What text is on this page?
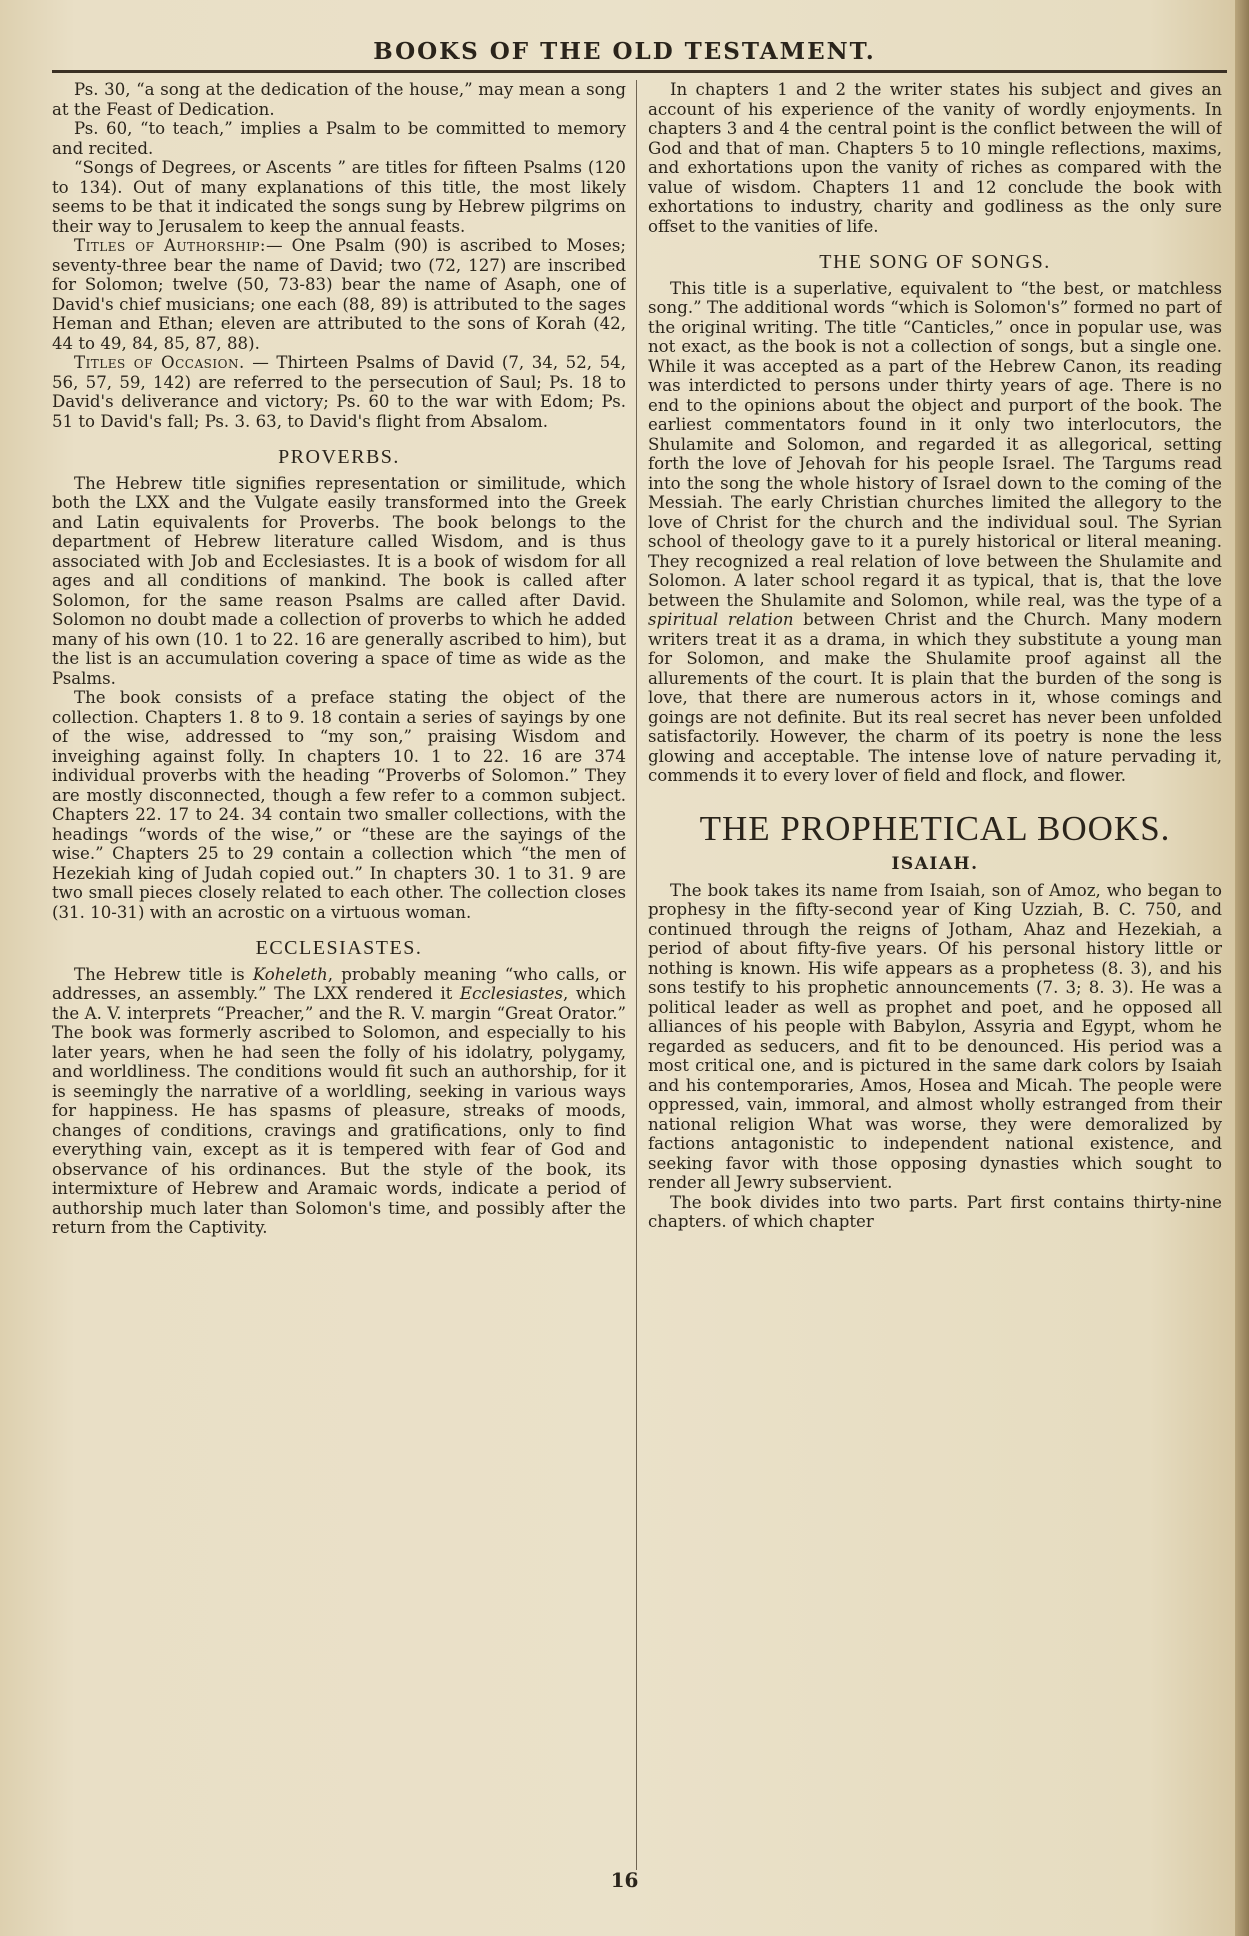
BOOKS OF THE OLD TESTAMENT.

Ps. 30, “a song at the dedication of the house,” may mean a song at the Feast of Dedication.

Ps. 60, “to teach,” implies a Psalm to be committed to memory and recited.

“Songs of Degrees, or Ascents ” are titles for fifteen Psalms (120 to 134). Out of many explanations of this title, the most likely seems to be that it indicated the songs sung by Hebrew pilgrims on their way to Jerusalem to keep the annual feasts.

Titles of Authorship:— One Psalm (90) is ascribed to Moses; seventy-three bear the name of David; two (72, 127) are inscribed for Solomon; twelve (50, 73-83) bear the name of Asaph, one of David's chief musicians; one each (88, 89) is attributed to the sages Heman and Ethan; eleven are attributed to the sons of Korah (42, 44 to 49, 84, 85, 87, 88).

Titles of Occasion. — Thirteen Psalms of David (7, 34, 52, 54, 56, 57, 59, 142) are referred to the persecution of Saul; Ps. 18 to David's deliverance and victory; Ps. 60 to the war with Edom; Ps. 51 to David's fall; Ps. 3. 63, to David's flight from Absalom.

PROVERBS.

The Hebrew title signifies representation or similitude, which both the LXX and the Vulgate easily transformed into the Greek and Latin equivalents for Proverbs. The book belongs to the department of Hebrew literature called Wisdom, and is thus associated with Job and Ecclesiastes. It is a book of wisdom for all ages and all conditions of mankind. The book is called after Solomon, for the same reason Psalms are called after David. Solomon no doubt made a collection of proverbs to which he added many of his own (10. 1 to 22. 16 are generally ascribed to him), but the list is an accumulation covering a space of time as wide as the Psalms.

The book consists of a preface stating the object of the collection. Chapters 1. 8 to 9. 18 contain a series of sayings by one of the wise, addressed to “my son,” praising Wisdom and inveighing against folly. In chapters 10. 1 to 22. 16 are 374 individual proverbs with the heading “Proverbs of Solomon.” They are mostly disconnected, though a few refer to a common subject. Chapters 22. 17 to 24. 34 contain two smaller collections, with the headings “words of the wise,” or “these are the sayings of the wise.” Chapters 25 to 29 contain a collection which “the men of Hezekiah king of Judah copied out.” In chapters 30. 1 to 31. 9 are two small pieces closely related to each other. The collection closes (31. 10-31) with an acrostic on a virtuous woman.

ECCLESIASTES.

The Hebrew title is Koheleth, probably meaning “who calls, or addresses, an assembly.” The LXX rendered it Ecclesiastes, which the A. V. interprets “Preacher,” and the R. V. margin “Great Orator.” The book was formerly ascribed to Solomon, and especially to his later years, when he had seen the folly of his idolatry, polygamy, and worldliness. The conditions would fit such an authorship, for it is seemingly the narrative of a worldling, seeking in various ways for happiness. He has spasms of pleasure, streaks of moods, changes of conditions, cravings and gratifications, only to find everything vain, except as it is tempered with fear of God and observance of his ordinances. But the style of the book, its intermixture of Hebrew and Aramaic words, indicate a period of authorship much later than Solomon's time, and possibly after the return from the Captivity.

In chapters 1 and 2 the writer states his subject and gives an account of his experience of the vanity of wordly enjoyments. In chapters 3 and 4 the central point is the conflict between the will of God and that of man. Chapters 5 to 10 mingle reflections, maxims, and exhortations upon the vanity of riches as compared with the value of wisdom. Chapters 11 and 12 conclude the book with exhortations to industry, charity and godliness as the only sure offset to the vanities of life.

THE SONG OF SONGS.

This title is a superlative, equivalent to “the best, or matchless song.” The additional words “which is Solomon's” formed no part of the original writing. The title “Canticles,” once in popular use, was not exact, as the book is not a collection of songs, but a single one. While it was accepted as a part of the Hebrew Canon, its reading was interdicted to persons under thirty years of age. There is no end to the opinions about the object and purport of the book. The earliest commentators found in it only two interlocutors, the Shulamite and Solomon, and regarded it as allegorical, setting forth the love of Jehovah for his people Israel. The Targums read into the song the whole history of Israel down to the coming of the Messiah. The early Christian churches limited the allegory to the love of Christ for the church and the individual soul. The Syrian school of theology gave to it a purely historical or literal meaning. They recognized a real relation of love between the Shulamite and Solomon. A later school regard it as typical, that is, that the love between the Shulamite and Solomon, while real, was the type of a spiritual relation between Christ and the Church. Many modern writers treat it as a drama, in which they substitute a young man for Solomon, and make the Shulamite proof against all the allurements of the court. It is plain that the burden of the song is love, that there are numerous actors in it, whose comings and goings are not definite. But its real secret has never been unfolded satisfactorily. However, the charm of its poetry is none the less glowing and acceptable. The intense love of nature pervading it, commends it to every lover of field and flock, and flower.

THE PROPHETICAL BOOKS.
ISAIAH.

The book takes its name from Isaiah, son of Amoz, who began to prophesy in the fifty-second year of King Uzziah, B. C. 750, and continued through the reigns of Jotham, Ahaz and Hezekiah, a period of about fifty-five years. Of his personal history little or nothing is known. His wife appears as a prophetess (8. 3), and his sons testify to his prophetic announcements (7. 3; 8. 3). He was a political leader as well as prophet and poet, and he opposed all alliances of his people with Babylon, Assyria and Egypt, whom he regarded as seducers, and fit to be denounced. His period was a most critical one, and is pictured in the same dark colors by Isaiah and his contemporaries, Amos, Hosea and Micah. The people were oppressed, vain, immoral, and almost wholly estranged from their national religion What was worse, they were demoralized by factions antagonistic to independent national existence, and seeking favor with those opposing dynasties which sought to render all Jewry subservient.

The book divides into two parts. Part first contains thirty-nine chapters. of which chapter

16
